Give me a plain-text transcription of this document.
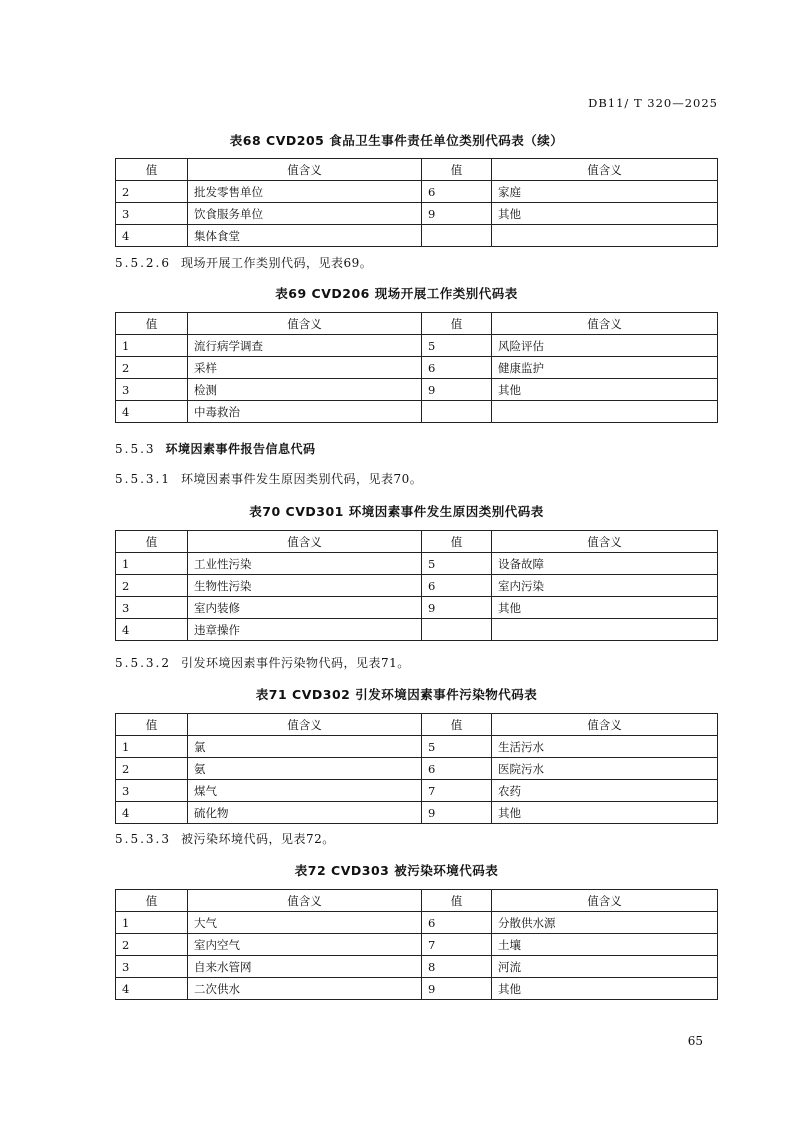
DB11/ T 320—2025
表68 CVD205 食品卫生事件责任单位类别代码表（续）
值	值含义	值	值含义
2	批发零售单位	6	家庭
3	饮食服务单位	9	其他
4	集体食堂		
5.5.2.6 现场开展工作类别代码，见表69。
表69 CVD206 现场开展工作类别代码表
值	值含义	值	值含义
1	流行病学调查	5	风险评估
2	采样	6	健康监护
3	检测	9	其他
4	中毒救治		
5.5.3 环境因素事件报告信息代码
5.5.3.1 环境因素事件发生原因类别代码，见表70。
表70 CVD301 环境因素事件发生原因类别代码表
值	值含义	值	值含义
1	工业性污染	5	设备故障
2	生物性污染	6	室内污染
3	室内装修	9	其他
4	违章操作		
5.5.3.2 引发环境因素事件污染物代码，见表71。
表71 CVD302 引发环境因素事件污染物代码表
值	值含义	值	值含义
1	氯	5	生活污水
2	氨	6	医院污水
3	煤气	7	农药
4	硫化物	9	其他
5.5.3.3 被污染环境代码，见表72。
表72 CVD303 被污染环境代码表
值	值含义	值	值含义
1	大气	6	分散供水源
2	室内空气	7	土壤
3	自来水管网	8	河流
4	二次供水	9	其他
65
